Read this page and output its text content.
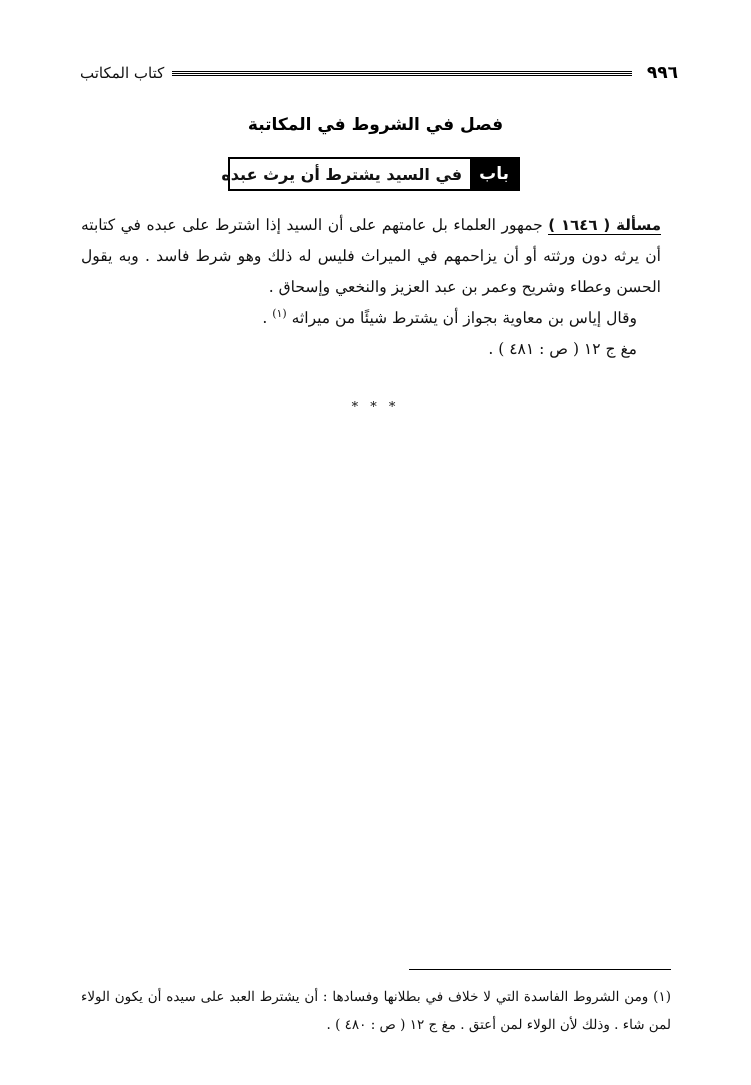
٩٩٦
كتاب المكاتب
فصل في الشروط في المكاتبة
باب
في السيد يشترط أن يرث عبده

مسألة ( ١٦٤٦ ) جمهور العلماء بل عامتهم على أن السيد إذا اشترط على عبده في كتابته أن يرثه دون ورثته أو أن يزاحمهم في الميراث فليس له ذلك وهو شرط فاسد . وبه يقول الحسن وعطاء وشريح وعمر بن عبد العزيز والنخعي وإسحاق .

وقال إياس بن معاوية بجواز أن يشترط شيئًا من ميراثه $^{(١)}$ .

مغ ج ١٢ ( ص : ٤٨١ ) .

* * *

(١) ومن الشروط الفاسدة التي لا خلاف في بطلانها وفسادها : أن يشترط العبد على سيده أن يكون الولاء لمن شاء . وذلك لأن الولاء لمن أعتق . مغ ج ١٢ ( ص : ٤٨٠ ) .
